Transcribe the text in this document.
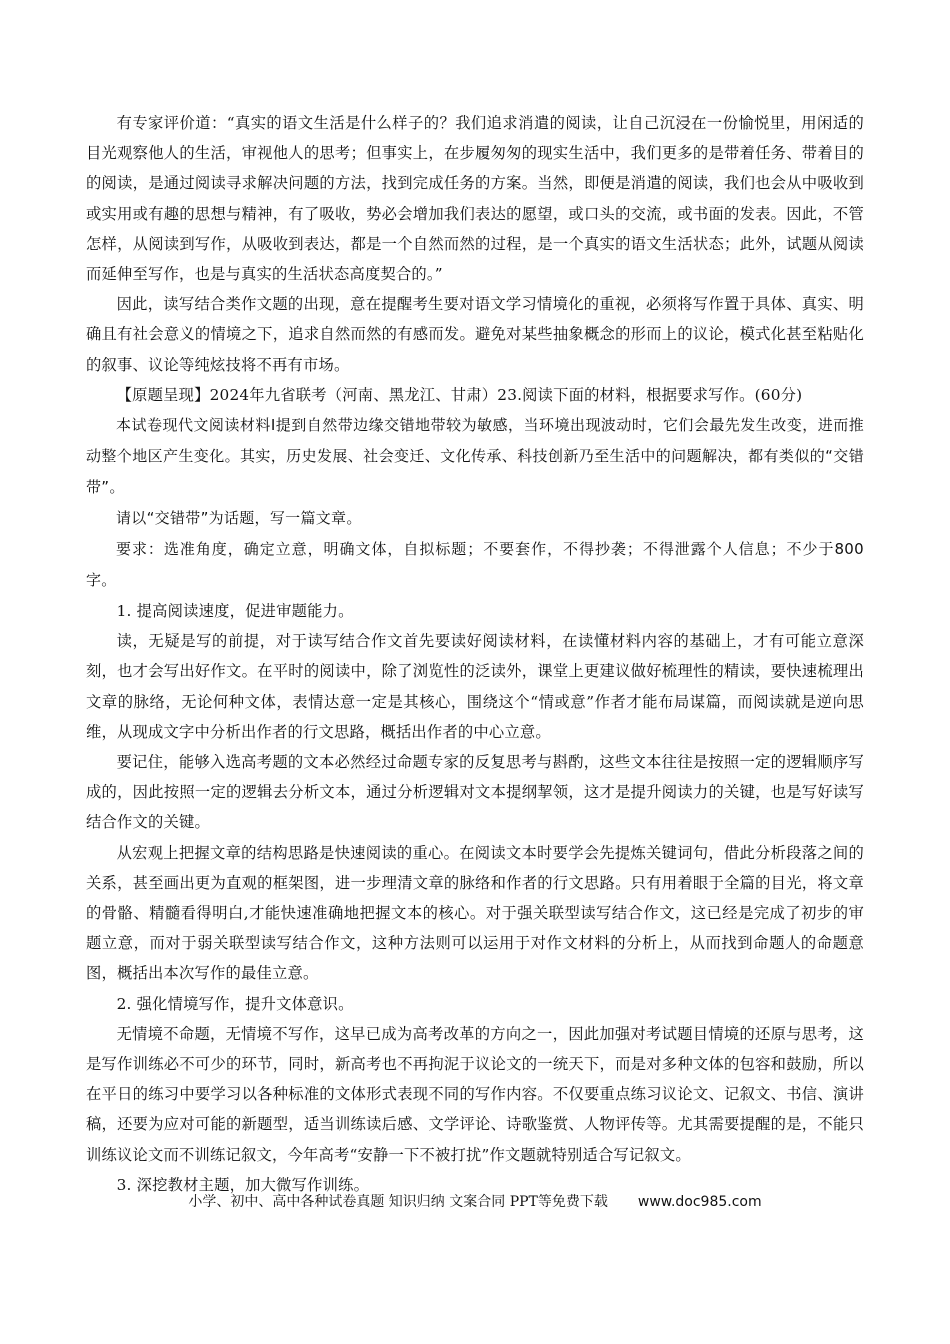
有专家评价道：“真实的语文生活是什么样子的？我们追求消遣的阅读，让自己沉浸在一份愉悦里，用闲适的目光观察他人的生活，审视他人的思考；但事实上，在步履匆匆的现实生活中，我们更多的是带着任务、带着目的的阅读，是通过阅读寻求解决问题的方法，找到完成任务的方案。当然，即便是消遣的阅读，我们也会从中吸收到或实用或有趣的思想与精神，有了吸收，势必会增加我们表达的愿望，或口头的交流，或书面的发表。因此，不管怎样，从阅读到写作，从吸收到表达，都是一个自然而然的过程，是一个真实的语文生活状态；此外，试题从阅读而延伸至写作，也是与真实的生活状态高度契合的。”

因此，读写结合类作文题的出现，意在提醒考生要对语文学习情境化的重视，必须将写作置于具体、真实、明确且有社会意义的情境之下，追求自然而然的有感而发。避免对某些抽象概念的形而上的议论，模式化甚至粘贴化的叙事、议论等纯炫技将不再有市场。

【原题呈现】2024年九省联考（河南、黑龙江、甘肃）23.阅读下面的材料，根据要求写作。(60分)

本试卷现代文阅读材料Ⅰ提到自然带边缘交错地带较为敏感，当环境出现波动时，它们会最先发生改变，进而推动整个地区产生变化。其实，历史发展、社会变迁、文化传承、科技创新乃至生活中的问题解决，都有类似的“交错带”。

请以“交错带”为话题，写一篇文章。

要求：选准角度，确定立意，明确文体，自拟标题；不要套作，不得抄袭；不得泄露个人信息；不少于800字。

1. 提高阅读速度，促进审题能力。

读，无疑是写的前提，对于读写结合作文首先要读好阅读材料，在读懂材料内容的基础上，才有可能立意深刻，也才会写出好作文。在平时的阅读中，除了浏览性的泛读外，课堂上更建议做好梳理性的精读，要快速梳理出文章的脉络，无论何种文体，表情达意一定是其核心，围绕这个“情或意”作者才能布局谋篇，而阅读就是逆向思维，从现成文字中分析出作者的行文思路，概括出作者的中心立意。

要记住，能够入选高考题的文本必然经过命题专家的反复思考与斟酌，这些文本往往是按照一定的逻辑顺序写成的，因此按照一定的逻辑去分析文本，通过分析逻辑对文本提纲挈领，这才是提升阅读力的关键，也是写好读写结合作文的关键。

从宏观上把握文章的结构思路是快速阅读的重心。在阅读文本时要学会先提炼关键词句，借此分析段落之间的关系，甚至画出更为直观的框架图，进一步理清文章的脉络和作者的行文思路。只有用着眼于全篇的目光，将文章的骨骼、精髓看得明白,才能快速准确地把握文本的核心。对于强关联型读写结合作文，这已经是完成了初步的审题立意，而对于弱关联型读写结合作文，这种方法则可以运用于对作文材料的分析上，从而找到命题人的命题意图，概括出本次写作的最佳立意。

2. 强化情境写作，提升文体意识。

无情境不命题，无情境不写作，这早已成为高考改革的方向之一，因此加强对考试题目情境的还原与思考，这是写作训练必不可少的环节，同时，新高考也不再拘泥于议论文的一统天下，而是对多种文体的包容和鼓励，所以在平日的练习中要学习以各种标准的文体形式表现不同的写作内容。不仅要重点练习议论文、记叙文、书信、演讲稿，还要为应对可能的新题型，适当训练读后感、文学评论、诗歌鉴赏、人物评传等。尤其需要提醒的是，不能只训练议论文而不训练记叙文，今年高考“安静一下不被打扰”作文题就特别适合写记叙文。

3. 深挖教材主题，加大微写作训练。

小学、初中、高中各种试卷真题 知识归纳 文案合同 PPT等免费下载 www.doc985.com
